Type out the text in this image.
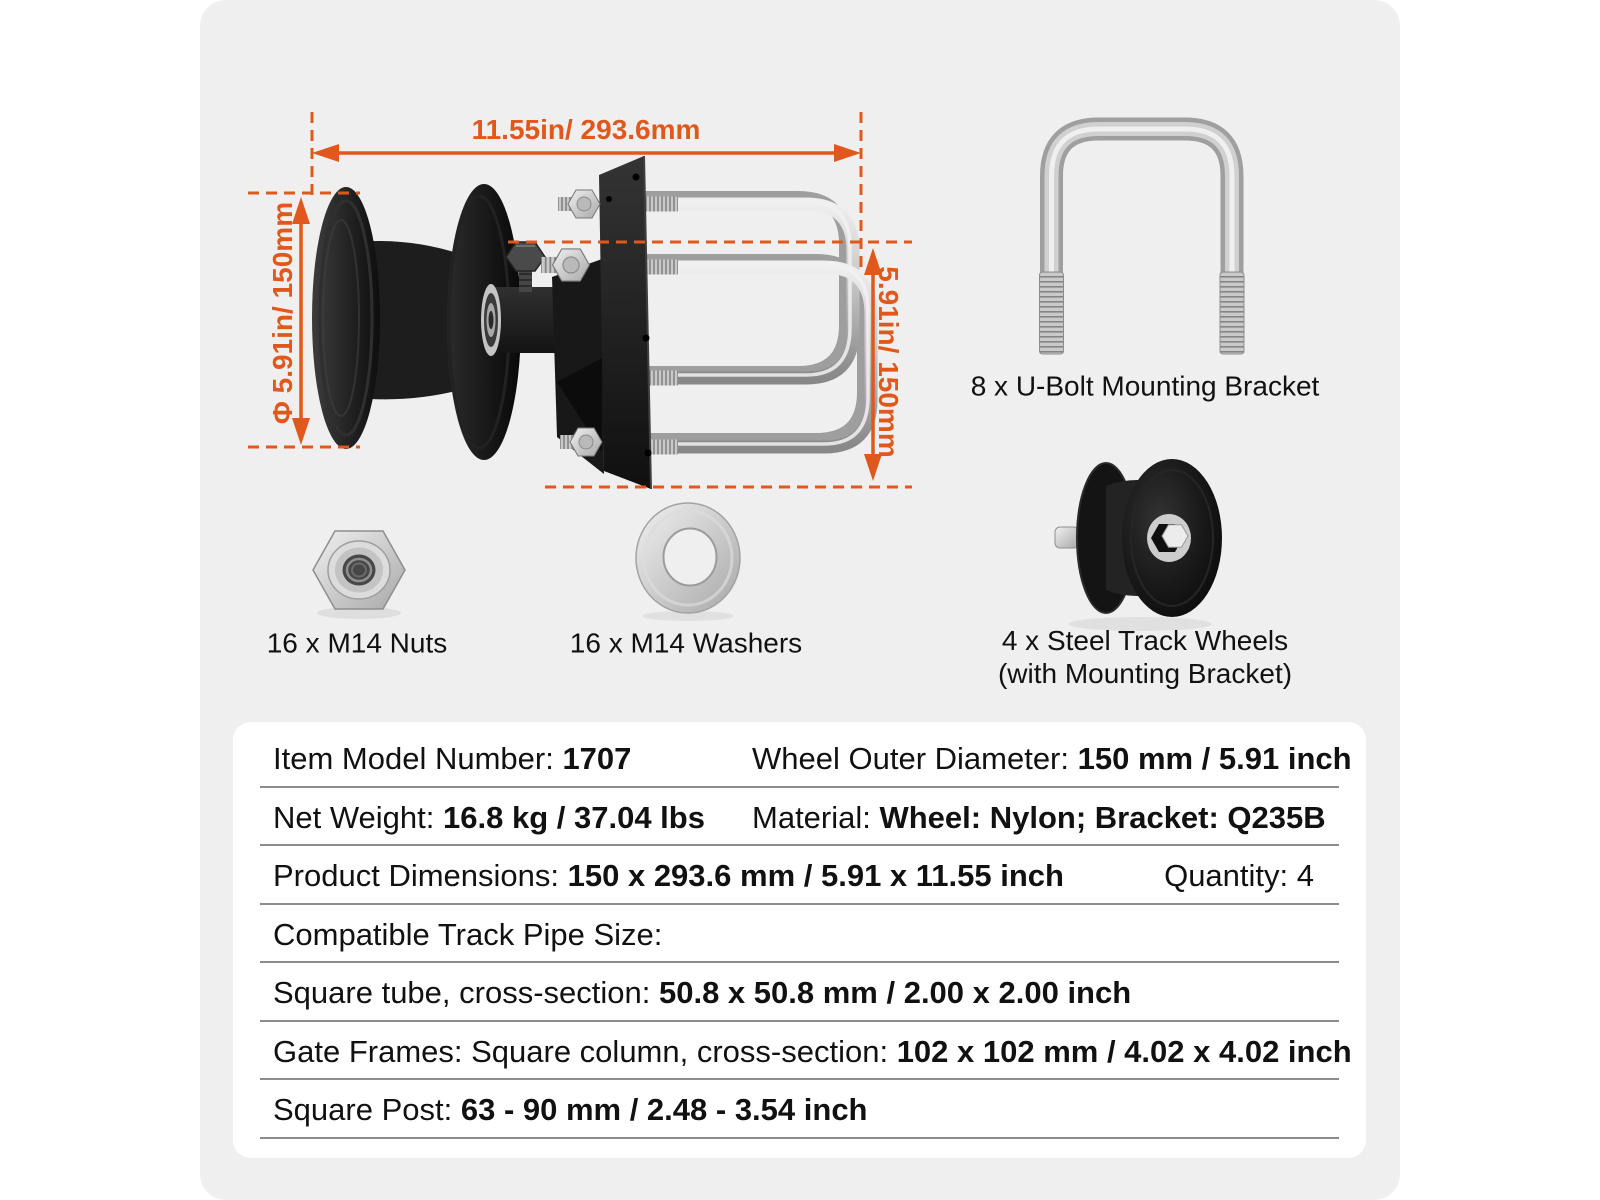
11.55in/ 293.6mm
Φ 5.91in/ 150mm	5.91in/ 150mm 8 x U-Bolt Mounting Bracket
16 x M14 Nuts	16 x M14 Washers	4 x Steel Track Wheels
(with Mounting Bracket)
Item Model Number: 1707	Wheel Outer Diameter: 150 mm / 5.91 inch
Net Weight: 16.8 kg / 37.04 lbs Material: Wheel: Nylon; Bracket: Q235B
Product Dimensions: 150 x 293.6 mm / 5.91 x 11.55 inch	Quantity: 4
Compatible Track Pipe Size:
Square tube, cross-section: 50.8 x 50.8 mm / 2.00 x 2.00 inch
Gate Frames: Square column, cross-section: 102 x 102 mm / 4.02 x 4.02 inch
Square Post: 63 - 90 mm / 2.48 - 3.54 inch
